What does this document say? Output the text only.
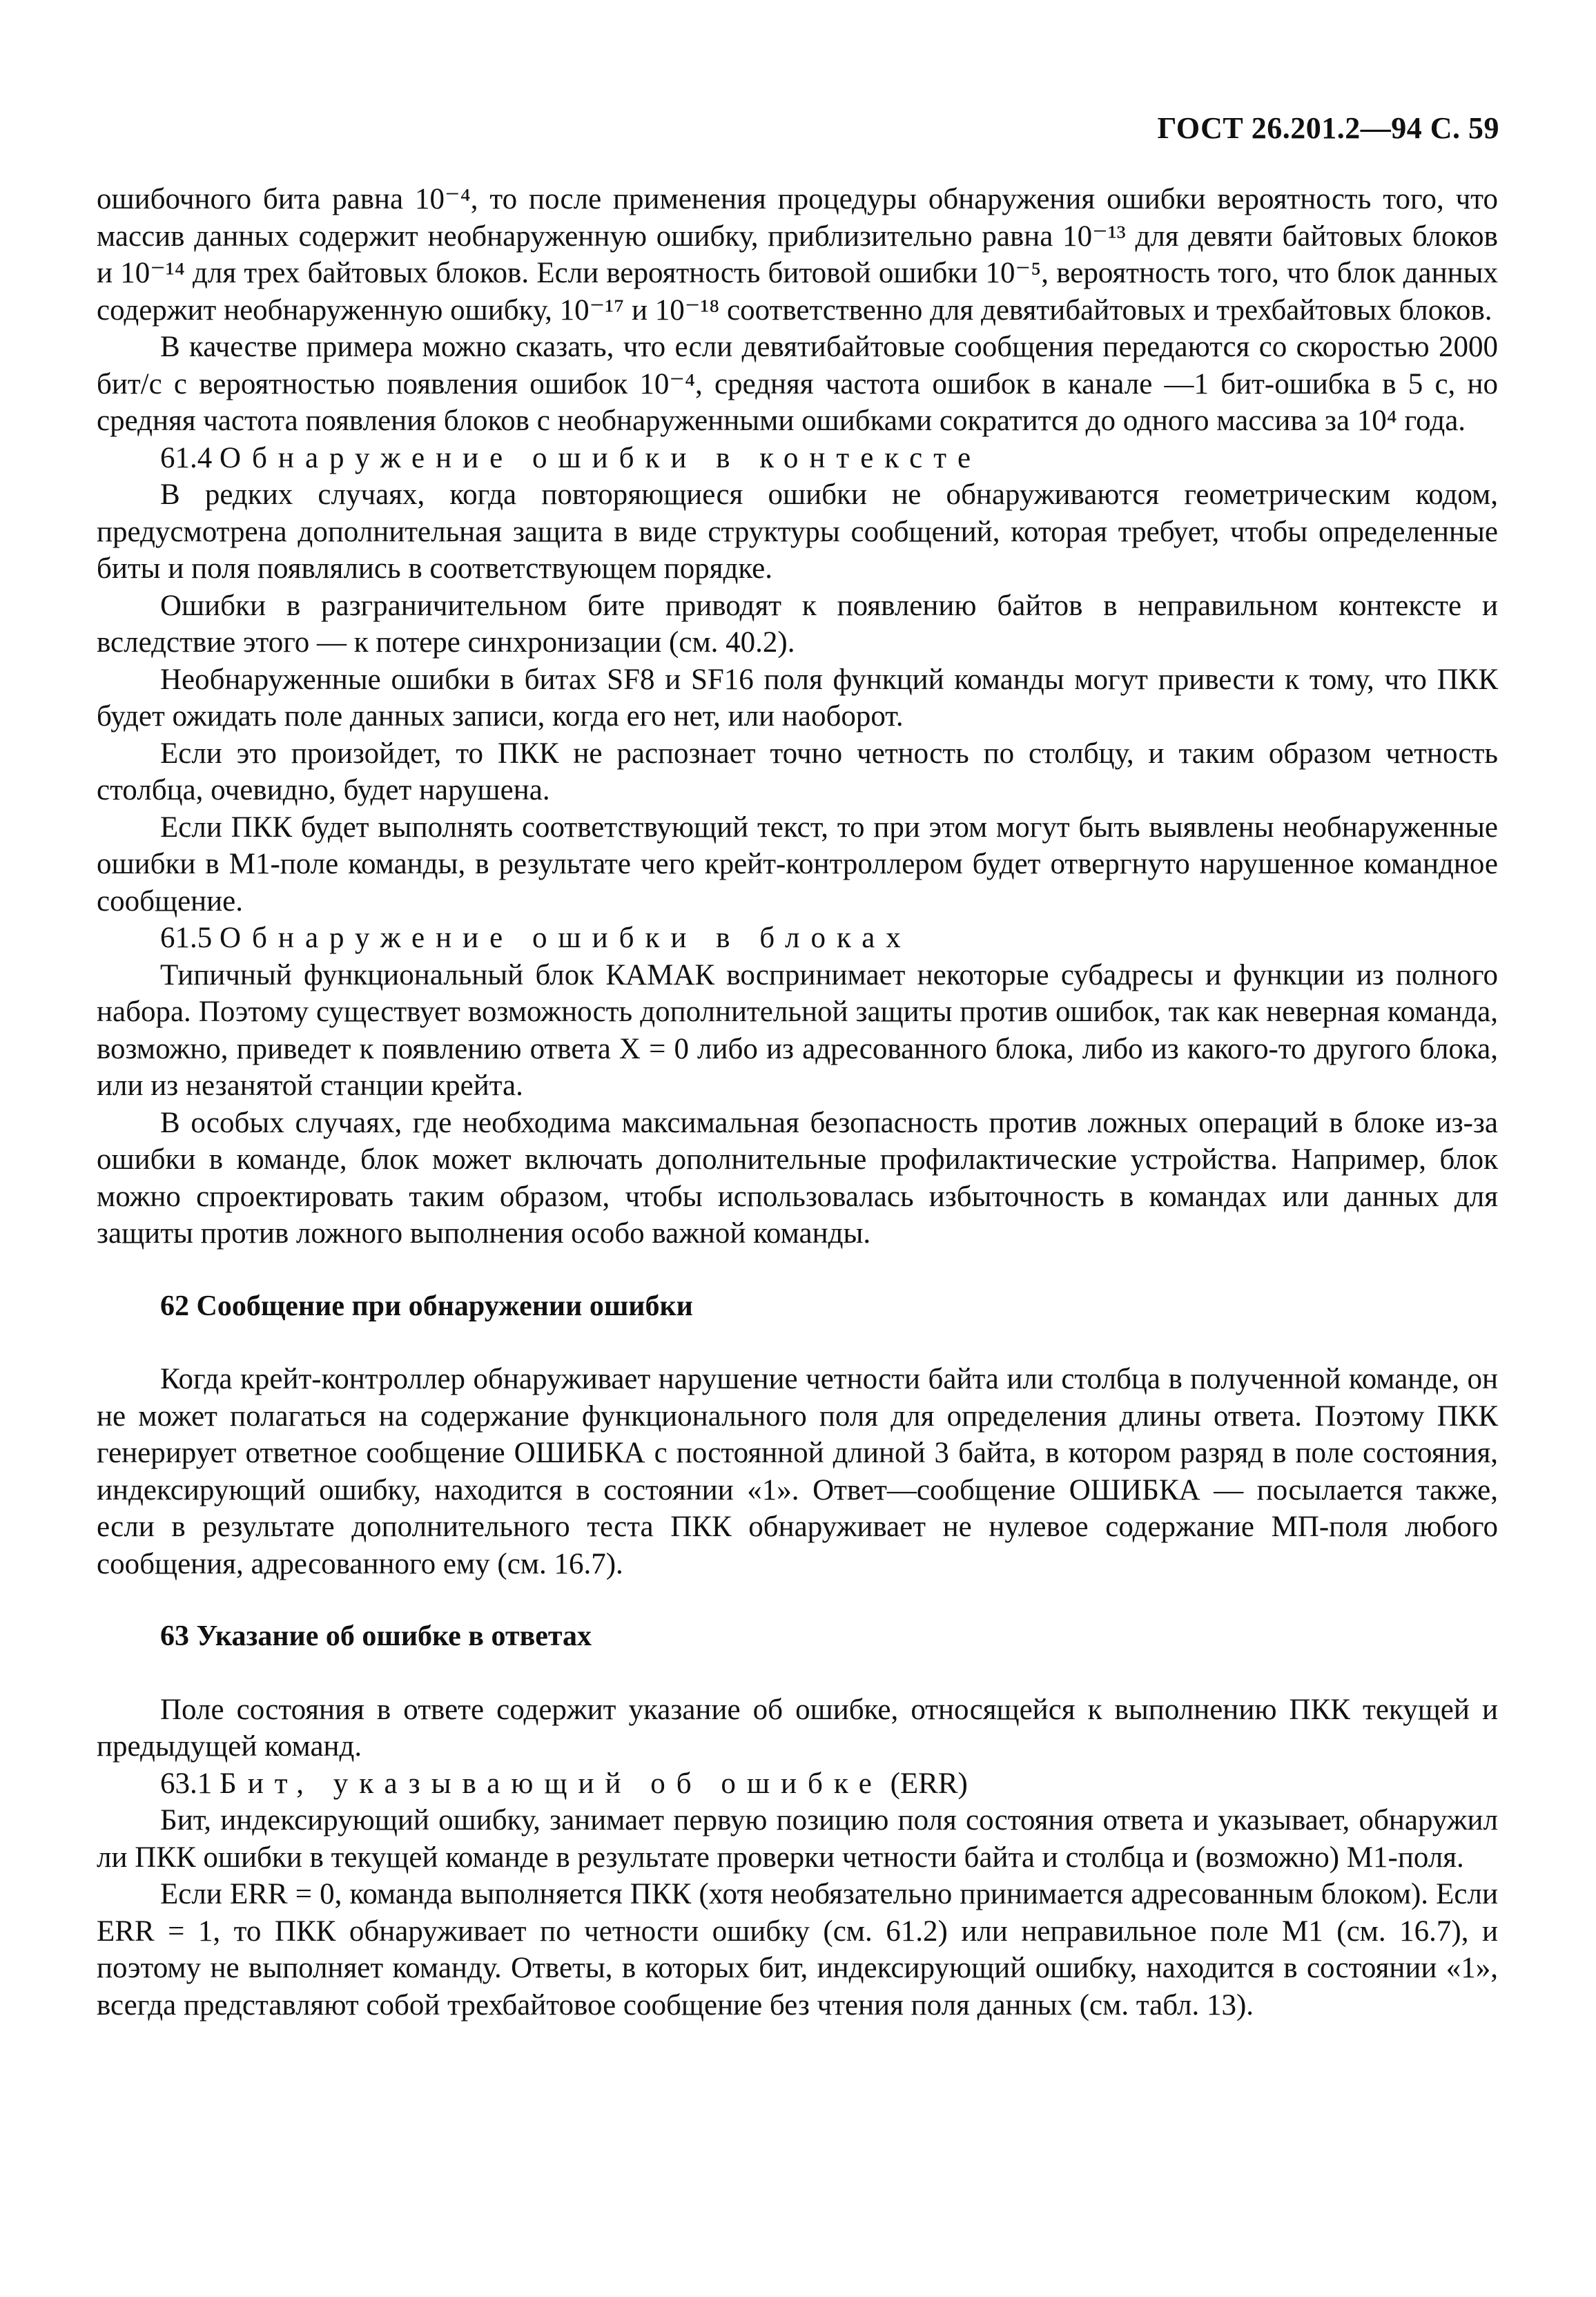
ГОСТ 26.201.2—94 С. 59

ошибочного бита равна 10⁻⁴, то после применения процедуры обнаружения ошибки вероятность того, что массив данных содержит необнаруженную ошибку, приблизительно равна 10⁻¹³ для девяти байтовых блоков и 10⁻¹⁴ для трех байтовых блоков. Если вероятность битовой ошибки 10⁻⁵, вероятность того, что блок данных содержит необнаруженную ошибку, 10⁻¹⁷ и 10⁻¹⁸ соответственно для девятибайтовых и трехбайтовых блоков.

В качестве примера можно сказать, что если девятибайтовые сообщения передаются со скоростью 2000 бит/с с вероятностью появления ошибок 10⁻⁴, средняя частота ошибок в канале —1 бит-ошибка в 5 с, но средняя частота появления блоков с необнаруженными ошибками сократится до одного массива за 10⁴ года.

61.4 Обнаружение ошибки в контексте

В редких случаях, когда повторяющиеся ошибки не обнаруживаются геометрическим кодом, предусмотрена дополнительная защита в виде структуры сообщений, которая требует, чтобы определенные биты и поля появлялись в соответствующем порядке.

Ошибки в разграничительном бите приводят к появлению байтов в неправильном контексте и вследствие этого — к потере синхронизации (см. 40.2).

Необнаруженные ошибки в битах SF8 и SF16 поля функций команды могут привести к тому, что ПКК будет ожидать поле данных записи, когда его нет, или наоборот.

Если это произойдет, то ПКК не распознает точно четность по столбцу, и таким образом четность столбца, очевидно, будет нарушена.

Если ПКК будет выполнять соответствующий текст, то при этом могут быть выявлены необнаруженные ошибки в М1-поле команды, в результате чего крейт-контроллером будет отвергнуто нарушенное командное сообщение.

61.5 Обнаружение ошибки в блоках

Типичный функциональный блок КАМАК воспринимает некоторые субадресы и функции из полного набора. Поэтому существует возможность дополнительной защиты против ошибок, так как неверная команда, возможно, приведет к появлению ответа X = 0 либо из адресованного блока, либо из какого-то другого блока, или из незанятой станции крейта.

В особых случаях, где необходима максимальная безопасность против ложных операций в блоке из-за ошибки в команде, блок может включать дополнительные профилактические устройства. Например, блок можно спроектировать таким образом, чтобы использовалась избыточность в командах или данных для защиты против ложного выполнения особо важной команды.

62 Сообщение при обнаружении ошибки

Когда крейт-контроллер обнаруживает нарушение четности байта или столбца в полученной команде, он не может полагаться на содержание функционального поля для определения длины ответа. Поэтому ПКК генерирует ответное сообщение ОШИБКА с постоянной длиной 3 байта, в котором разряд в поле состояния, индексирующий ошибку, находится в состоянии «1». Ответ—сообщение ОШИБКА — посылается также, если в результате дополнительного теста ПКК обнаруживает не нулевое содержание МП-поля любого сообщения, адресованного ему (см. 16.7).

63 Указание об ошибке в ответах

Поле состояния в ответе содержит указание об ошибке, относящейся к выполнению ПКК текущей и предыдущей команд.

63.1 Бит, указывающий об ошибке (ERR)

Бит, индексирующий ошибку, занимает первую позицию поля состояния ответа и указывает, обнаружил ли ПКК ошибки в текущей команде в результате проверки четности байта и столбца и (возможно) М1-поля.

Если ERR = 0, команда выполняется ПКК (хотя необязательно принимается адресованным блоком). Если ERR = 1, то ПКК обнаруживает по четности ошибку (см. 61.2) или неправильное поле М1 (см. 16.7), и поэтому не выполняет команду. Ответы, в которых бит, индексирующий ошибку, находится в состоянии «1», всегда представляют собой трехбайтовое сообщение без чтения поля данных (см. табл. 13).
